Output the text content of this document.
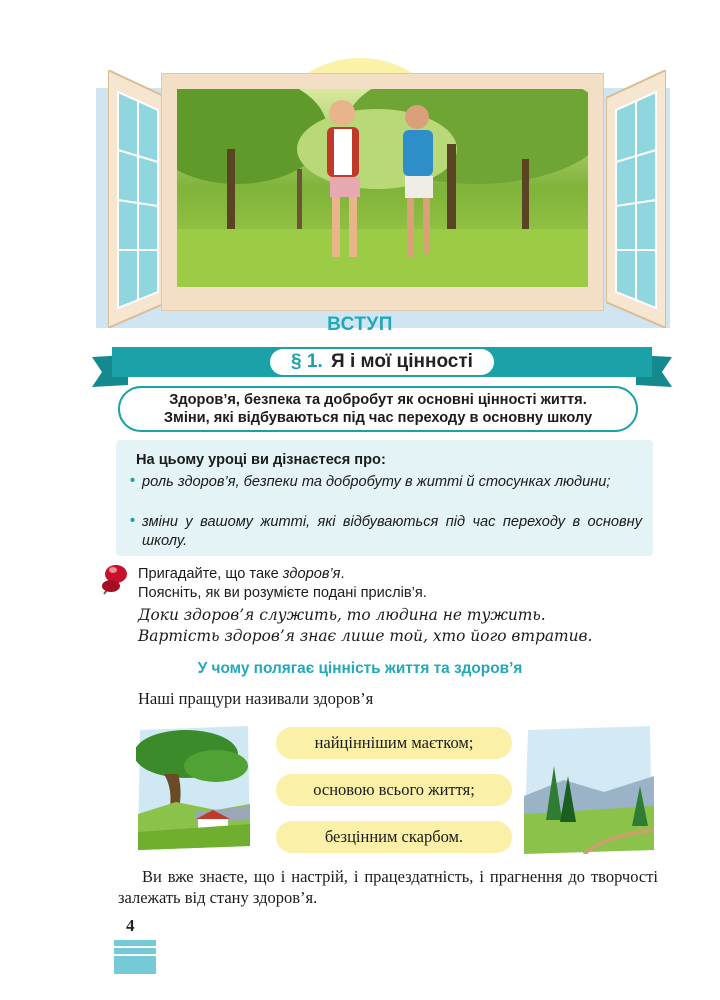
ВСТУП
§ 1. Я і мої цінності
Здоров’я, безпека та добробут як основні цінності життя.
Зміни, які відбуваються під час переходу в основну школу
На цьому уроці ви дізнаєтеся про:
• роль здоров’я, безпеки та добробуту в житті й стосунках людини;
• зміни у вашому житті, які відбуваються під час переходу в основну школу.
Пригадайте, що таке здоров’я.
Поясніть, як ви розумієте подані прислів’я.
Доки здоров’я служить, то людина не тужить.
Вартість здоров’я знає лише той, хто його втратив.
У чому полягає цінність життя та здоров’я
Наші пращури називали здоров’я
найціннішим маєтком;
основою всього життя;
безцінним скарбом.
Ви вже знаєте, що і настрій, і працездатність, і прагнення до творчості залежать від стану здоров’я.
4
